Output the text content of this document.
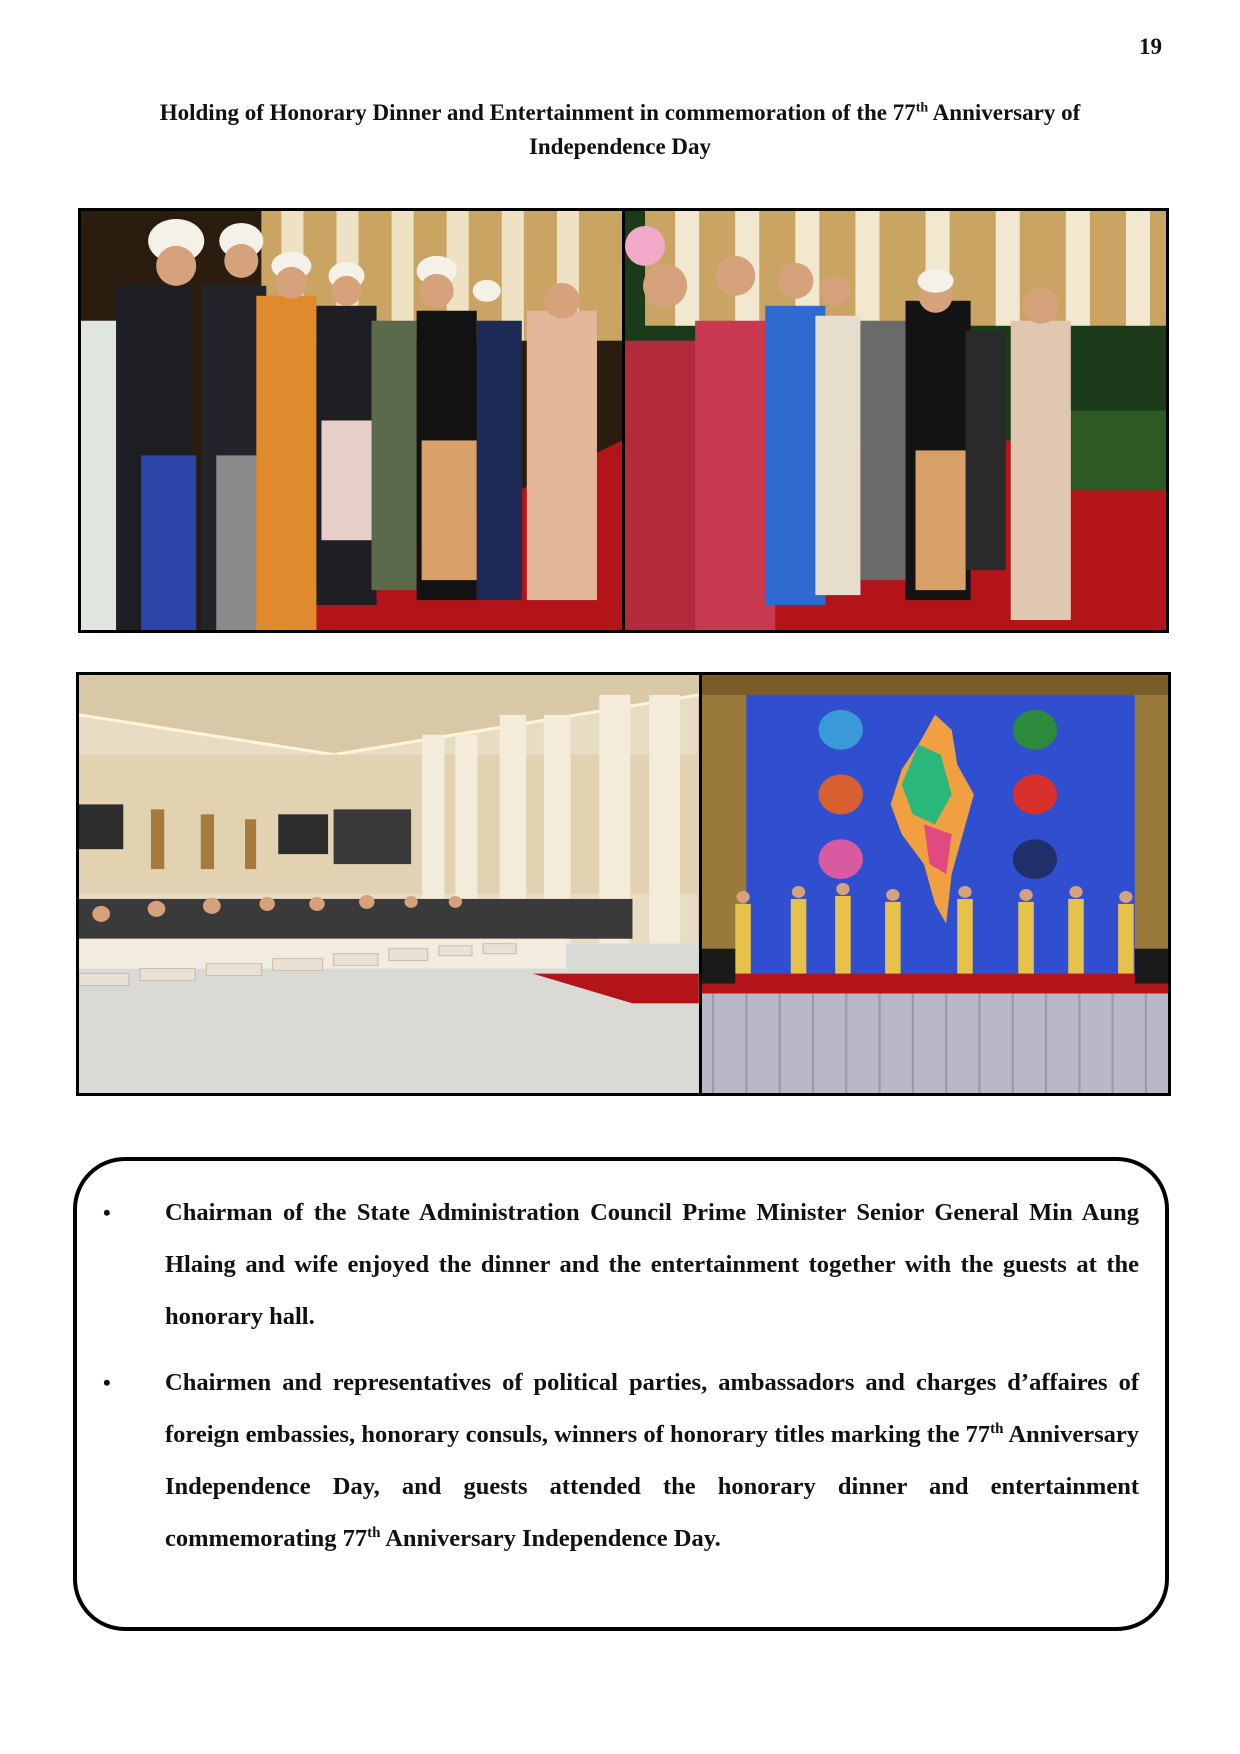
19
Holding of Honorary Dinner and Entertainment in commemoration of the 77th Anniversary of
Independence Day
• Chairman of the State Administration Council Prime Minister Senior General Min Aung Hlaing and wife enjoyed the dinner and the entertainment together with the guests at the honorary hall.
• Chairmen and representatives of political parties, ambassadors and charges d’affaires of foreign embassies, honorary consuls, winners of honorary titles marking the 77th Anniversary Independence Day, and guests attended the honorary dinner and entertainment commemorating 77th Anniversary Independence Day.
